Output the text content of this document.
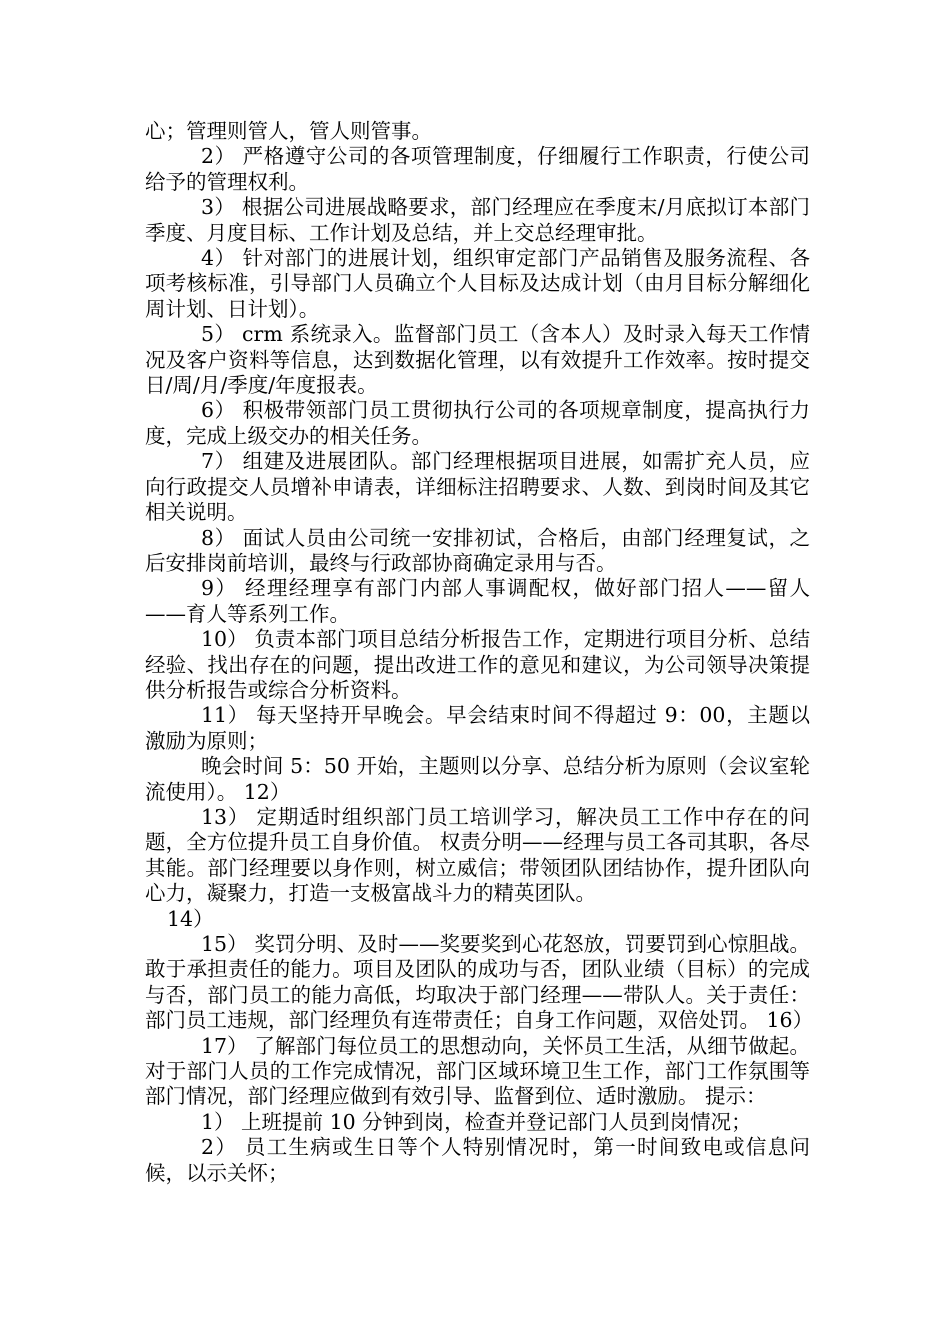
心；管理则管人，管人则管事。

2） 严格遵守公司的各项管理制度，仔细履行工作职责，行使公司给予的管理权利。

3） 根据公司进展战略要求，部门经理应在季度末/月底拟订本部门季度、月度目标、工作计划及总结，并上交总经理审批。

4） 针对部门的进展计划，组织审定部门产品销售及服务流程、各项考核标准，引导部门人员确立个人目标及达成计划（由月目标分解细化周计划、日计划）。

5） crm 系统录入。监督部门员工（含本人）及时录入每天工作情况及客户资料等信息，达到数据化管理，以有效提升工作效率。按时提交日/周/月/季度/年度报表。

6） 积极带领部门员工贯彻执行公司的各项规章制度，提高执行力度，完成上级交办的相关任务。

7） 组建及进展团队。部门经理根据项目进展，如需扩充人员，应向行政提交人员增补申请表，详细标注招聘要求、人数、到岗时间及其它相关说明。

8） 面试人员由公司统一安排初试，合格后，由部门经理复试，之后安排岗前培训，最终与行政部协商确定录用与否。

9） 经理经理享有部门内部人事调配权，做好部门招人——留人——育人等系列工作。

10） 负责本部门项目总结分析报告工作，定期进行项目分析、总结经验、找出存在的问题，提出改进工作的意见和建议，为公司领导决策提供分析报告或综合分析资料。

11） 每天坚持开早晚会。早会结束时间不得超过 9：00，主题以激励为原则；

晚会时间 5：50 开始，主题则以分享、总结分析为原则（会议室轮流使用）。 12）

13） 定期适时组织部门员工培训学习，解决员工工作中存在的问题，全方位提升员工自身价值。 权责分明——经理与员工各司其职，各尽其能。部门经理要以身作则，树立威信；带领团队团结协作，提升团队向心力，凝聚力，打造一支极富战斗力的精英团队。

14）

15） 奖罚分明、及时——奖要奖到心花怒放，罚要罚到心惊胆战。 敢于承担责任的能力。项目及团队的成功与否，团队业绩（目标）的完成与否，部门员工的能力高低，均取决于部门经理——带队人。关于责任：部门员工违规，部门经理负有连带责任；自身工作问题，双倍处罚。 16）

17） 了解部门每位员工的思想动向，关怀员工生活，从细节做起。对于部门人员的工作完成情况，部门区域环境卫生工作，部门工作氛围等部门情况，部门经理应做到有效引导、监督到位、适时激励。 提示：

1） 上班提前 10 分钟到岗，检查并登记部门人员到岗情况；

2） 员工生病或生日等个人特别情况时，第一时间致电或信息问候，以示关怀；
